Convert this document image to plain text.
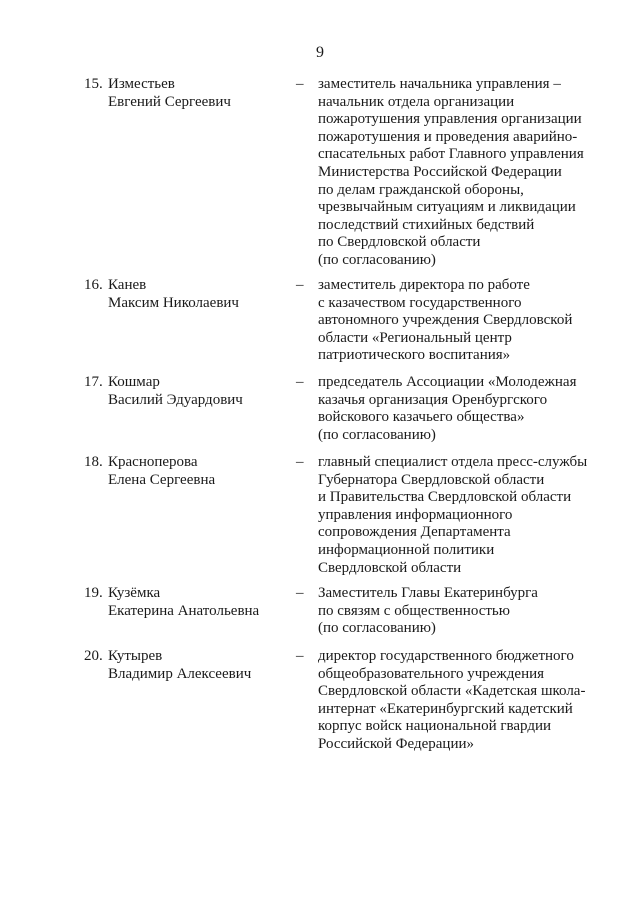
9
15. Изместьев
Евгений Сергеевич
– заместитель начальника управления –
начальник отдела организации
пожаротушения управления организации
пожаротушения и проведения аварийно-
спасательных работ Главного управления
Министерства Российской Федерации
по делам гражданской обороны,
чрезвычайным ситуациям и ликвидации
последствий стихийных бедствий
по Свердловской области
(по согласованию)
16. Канев
Максим Николаевич
– заместитель директора по работе
с казачеством государственного
автономного учреждения Свердловской
области «Региональный центр
патриотического воспитания»
17. Кошмар
Василий Эдуардович
– председатель Ассоциации «Молодежная
казачья организация Оренбургского
войскового казачьего общества»
(по согласованию)
18. Красноперова
Елена Сергеевна
– главный специалист отдела пресс-службы
Губернатора Свердловской области
и Правительства Свердловской области
управления информационного
сопровождения Департамента
информационной политики
Свердловской области
19. Кузёмка
Екатерина Анатольевна
– Заместитель Главы Екатеринбурга
по связям с общественностью
(по согласованию)
20. Кутырев
Владимир Алексеевич
– директор государственного бюджетного
общеобразовательного учреждения
Свердловской области «Кадетская школа-
интернат «Екатеринбургский кадетский
корпус войск национальной гвардии
Российской Федерации»
